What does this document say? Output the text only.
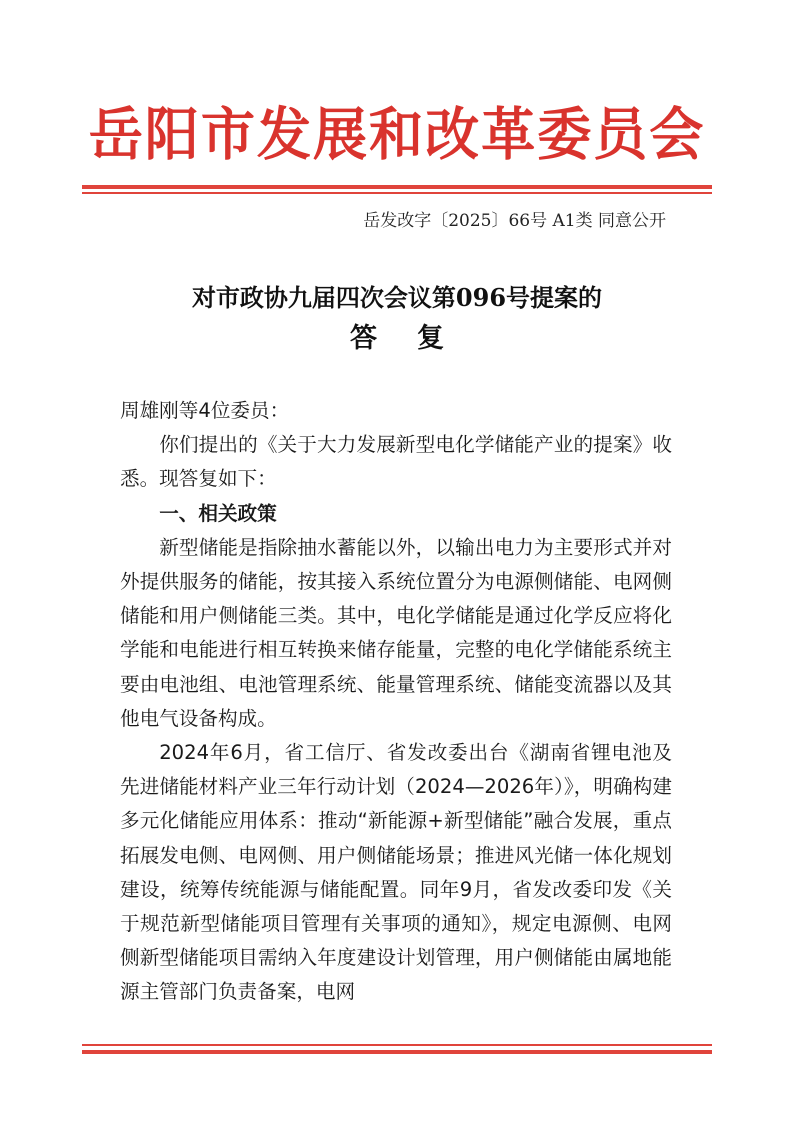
岳阳市发展和改革委员会
岳发改字〔2025〕66号 A1类 同意公开
对市政协九届四次会议第096号提案的
答复

周雄刚等4位委员：

你们提出的《关于大力发展新型电化学储能产业的提案》收悉。现答复如下：

一、相关政策

新型储能是指除抽水蓄能以外，以输出电力为主要形式并对外提供服务的储能，按其接入系统位置分为电源侧储能、电网侧储能和用户侧储能三类。其中，电化学储能是通过化学反应将化学能和电能进行相互转换来储存能量，完整的电化学储能系统主要由电池组、电池管理系统、能量管理系统、储能变流器以及其他电气设备构成。

2024年6月，省工信厅、省发改委出台《湖南省锂电池及先进储能材料产业三年行动计划（2024—2026年）》，明确构建多元化储能应用体系：推动“新能源+新型储能”融合发展，重点拓展发电侧、电网侧、用户侧储能场景；推进风光储一体化规划建设，统筹传统能源与储能配置。同年9月，省发改委印发《关于规范新型储能项目管理有关事项的通知》，规定电源侧、电网侧新型储能项目需纳入年度建设计划管理，用户侧储能由属地能源主管部门负责备案，电网
